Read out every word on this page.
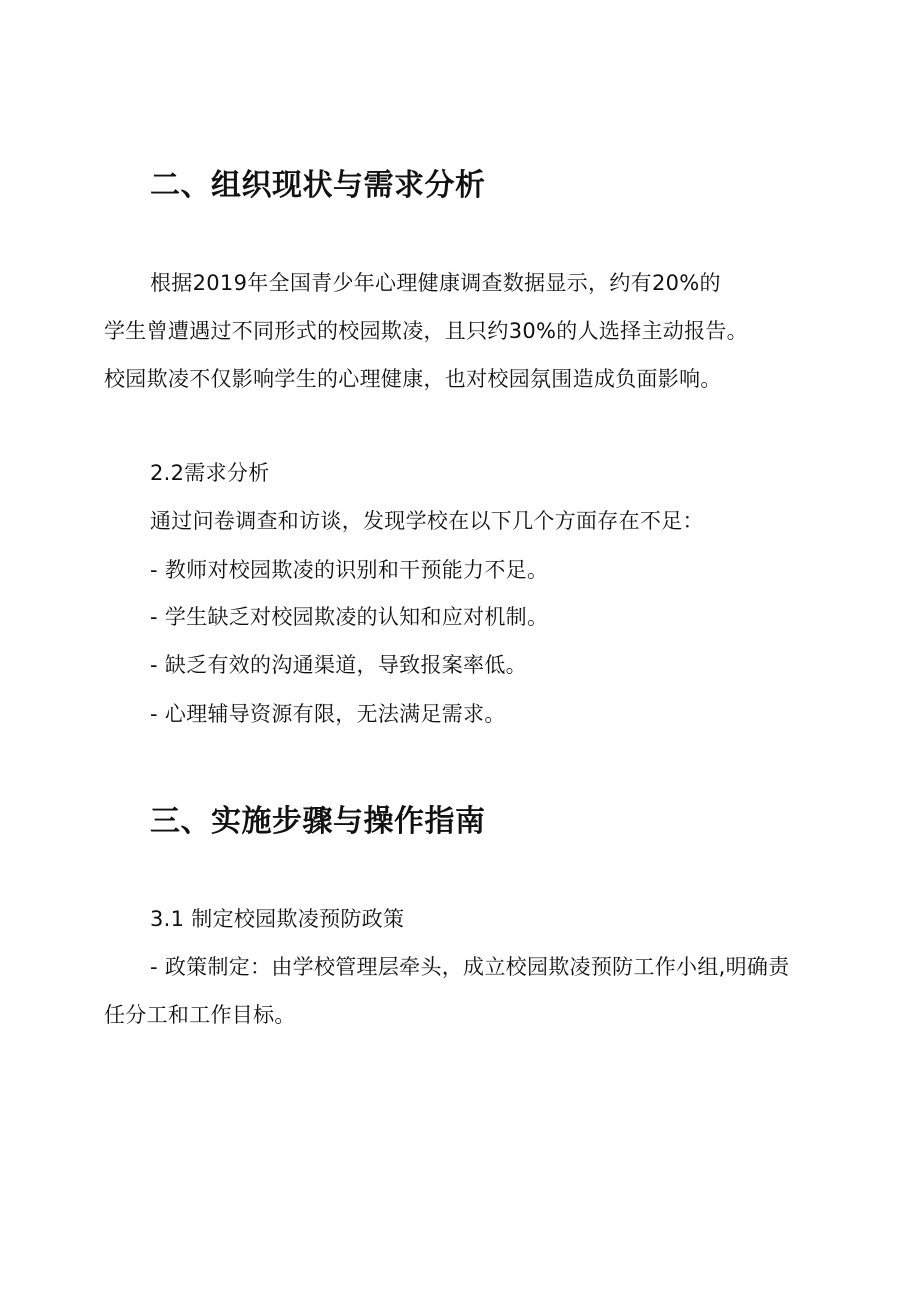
二、组织现状与需求分析
根据2019年全国青少年心理健康调查数据显示，约有20%的
学生曾遭遇过不同形式的校园欺凌，且只约30%的人选择主动报告。
校园欺凌不仅影响学生的心理健康，也对校园氛围造成负面影响。
2.2需求分析
通过问卷调查和访谈，发现学校在以下几个方面存在不足：
- 教师对校园欺凌的识别和干预能力不足。
- 学生缺乏对校园欺凌的认知和应对机制。
- 缺乏有效的沟通渠道，导致报案率低。
- 心理辅导资源有限，无法满足需求。
三、实施步骤与操作指南
3.1 制定校园欺凌预防政策
- 政策制定：由学校管理层牵头，成立校园欺凌预防工作小组,明确责
任分工和工作目标。
